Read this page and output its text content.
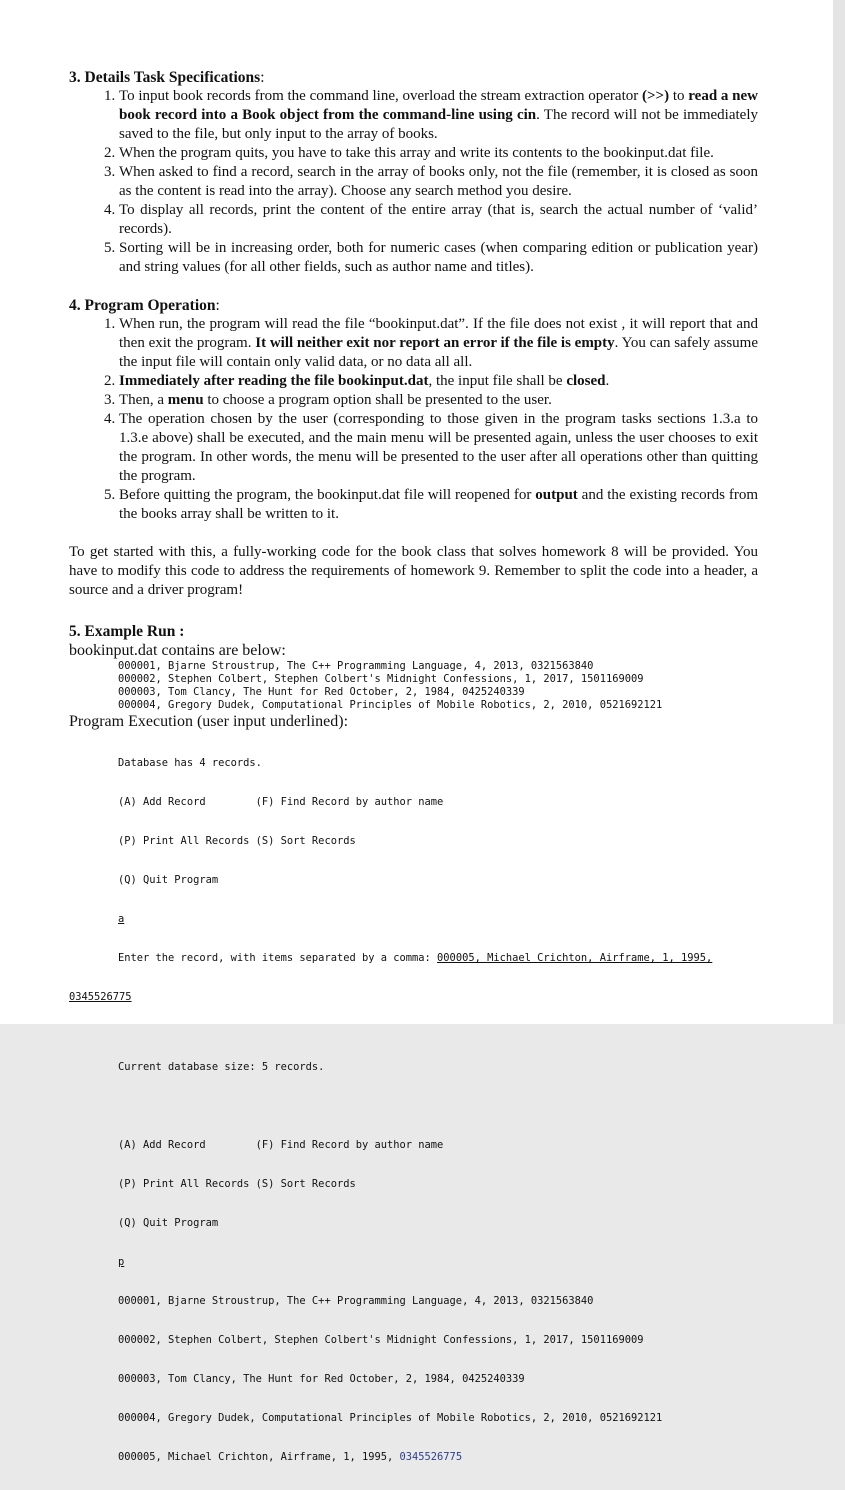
3. Details Task Specifications:
1. To input book records from the command line, overload the stream extraction operator (>>) to read a new book record into a Book object from the command-line using cin. The record will not be immediately saved to the file, but only input to the array of books.
2. When the program quits, you have to take this array and write its contents to the bookinput.dat file.
3. When asked to find a record, search in the array of books only, not the file (remember, it is closed as soon as the content is read into the array). Choose any search method you desire.
4. To display all records, print the content of the entire array (that is, search the actual number of ‘valid’ records).
5. Sorting will be in increasing order, both for numeric cases (when comparing edition or publication year) and string values (for all other fields, such as author name and titles).
4. Program Operation:
1. When run, the program will read the file “bookinput.dat”. If the file does not exist , it will report that and then exit the program. It will neither exit nor report an error if the file is empty. You can safely assume the input file will contain only valid data, or no data all all.
2. Immediately after reading the file bookinput.dat, the input file shall be closed.
3. Then, a menu to choose a program option shall be presented to the user.
4. The operation chosen by the user (corresponding to those given in the program tasks sections 1.3.a to 1.3.e above) shall be executed, and the main menu will be presented again, unless the user chooses to exit the program. In other words, the menu will be presented to the user after all operations other than quitting the program.
5. Before quitting the program, the bookinput.dat file will reopened for output and the existing records from the books array shall be written to it.

To get started with this, a fully-working code for the book class that solves homework 8 will be provided. You have to modify this code to address the requirements of homework 9. Remember to split the code into a header, a source and a driver program!

5. Example Run :
bookinput.dat contains are below:
000001, Bjarne Stroustrup, The C++ Programming Language, 4, 2013, 0321563840
000002, Stephen Colbert, Stephen Colbert's Midnight Confessions, 1, 2017, 1501169009
000003, Tom Clancy, The Hunt for Red October, 2, 1984, 0425240339
000004, Gregory Dudek, Computational Principles of Mobile Robotics, 2, 2010, 0521692121
Program Execution (user input underlined):

Database has 4 records.

(A) Add Record        (F) Find Record by author name

(P) Print All Records (S) Sort Records

(Q) Quit Program

a

Enter the record, with items separated by a comma: 000005, Michael Crichton, Airframe, 1, 1995,

0345526775

Current database size: 5 records.

(A) Add Record        (F) Find Record by author name

(P) Print All Records (S) Sort Records

(Q) Quit Program

p

000001, Bjarne Stroustrup, The C++ Programming Language, 4, 2013, 0321563840

000002, Stephen Colbert, Stephen Colbert's Midnight Confessions, 1, 2017, 1501169009

000003, Tom Clancy, The Hunt for Red October, 2, 1984, 0425240339

000004, Gregory Dudek, Computational Principles of Mobile Robotics, 2, 2010, 0521692121

000005, Michael Crichton, Airframe, 1, 1995, 0345526775
